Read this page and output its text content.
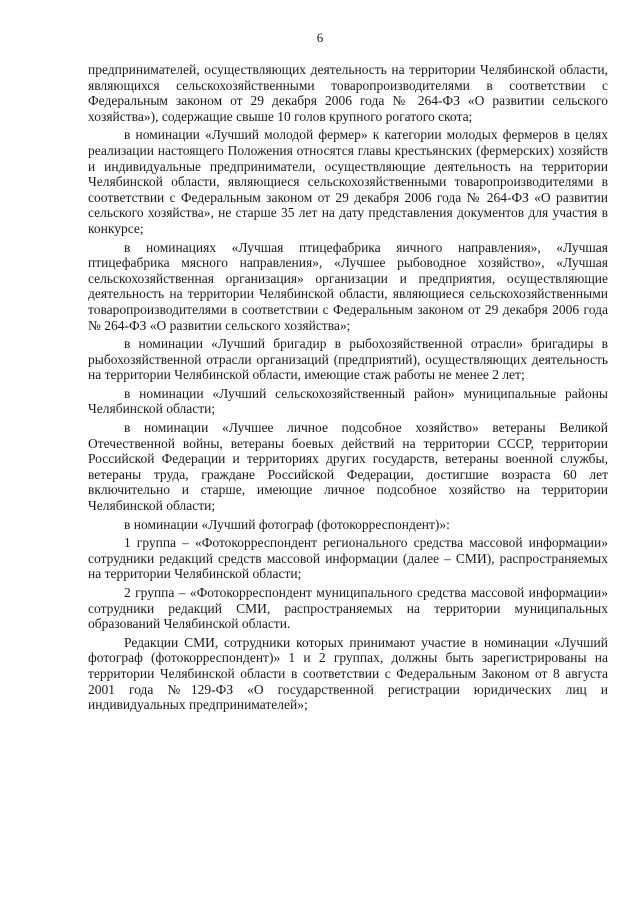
6

предпринимателей, осуществляющих деятельность на территории Челябинской области, являющихся сельскохозяйственными товаропроизводителями в соответствии с Федеральным законом от 29 декабря 2006 года № 264-ФЗ «О развитии сельского хозяйства»), содержащие свыше 10 голов крупного рогатого скота;

в номинации «Лучший молодой фермер» к категории молодых фермеров в целях реализации настоящего Положения относятся главы крестьянских (фермерских) хозяйств и индивидуальные предприниматели, осуществляющие деятельность на территории Челябинской области, являющиеся сельскохозяйственными товаропроизводителями в соответствии с Федеральным законом от 29 декабря 2006 года № 264-ФЗ «О развитии сельского хозяйства», не старше 35 лет на дату представления документов для участия в конкурсе;

в номинациях «Лучшая птицефабрика яичного направления», «Лучшая птицефабрика мясного направления», «Лучшее рыбоводное хозяйство», «Лучшая сельскохозяйственная организация» организации и предприятия, осуществляющие деятельность на территории Челябинской области, являющиеся сельскохозяйственными товаропроизводителями в соответствии с Федеральным законом от 29 декабря 2006 года № 264-ФЗ «О развитии сельского хозяйства»;

в номинации «Лучший бригадир в рыбохозяйственной отрасли» бригадиры в рыбохозяйственной отрасли организаций (предприятий), осуществляющих деятельность на территории Челябинской области, имеющие стаж работы не менее 2 лет;

в номинации «Лучший сельскохозяйственный район» муниципальные районы Челябинской области;

в номинации «Лучшее личное подсобное хозяйство» ветераны Великой Отечественной войны, ветераны боевых действий на территории СССР, территории Российской Федерации и территориях других государств, ветераны военной службы, ветераны труда, граждане Российской Федерации, достигшие возраста 60 лет включительно и старше, имеющие личное подсобное хозяйство на территории Челябинской области;

в номинации «Лучший фотограф (фотокорреспондент)»:

1 группа – «Фотокорреспондент регионального средства массовой информации» сотрудники редакций средств массовой информации (далее – СМИ), распространяемых на территории Челябинской области;

2 группа – «Фотокорреспондент муниципального средства массовой информации» сотрудники редакций СМИ, распространяемых на территории муниципальных образований Челябинской области.

Редакции СМИ, сотрудники которых принимают участие в номинации «Лучший фотограф (фотокорреспондент)» 1 и 2 группах, должны быть зарегистрированы на территории Челябинской области в соответствии с Федеральным Законом от 8 августа 2001 года №129-ФЗ «О государственной регистрации юридических лиц и индивидуальных предпринимателей»;
